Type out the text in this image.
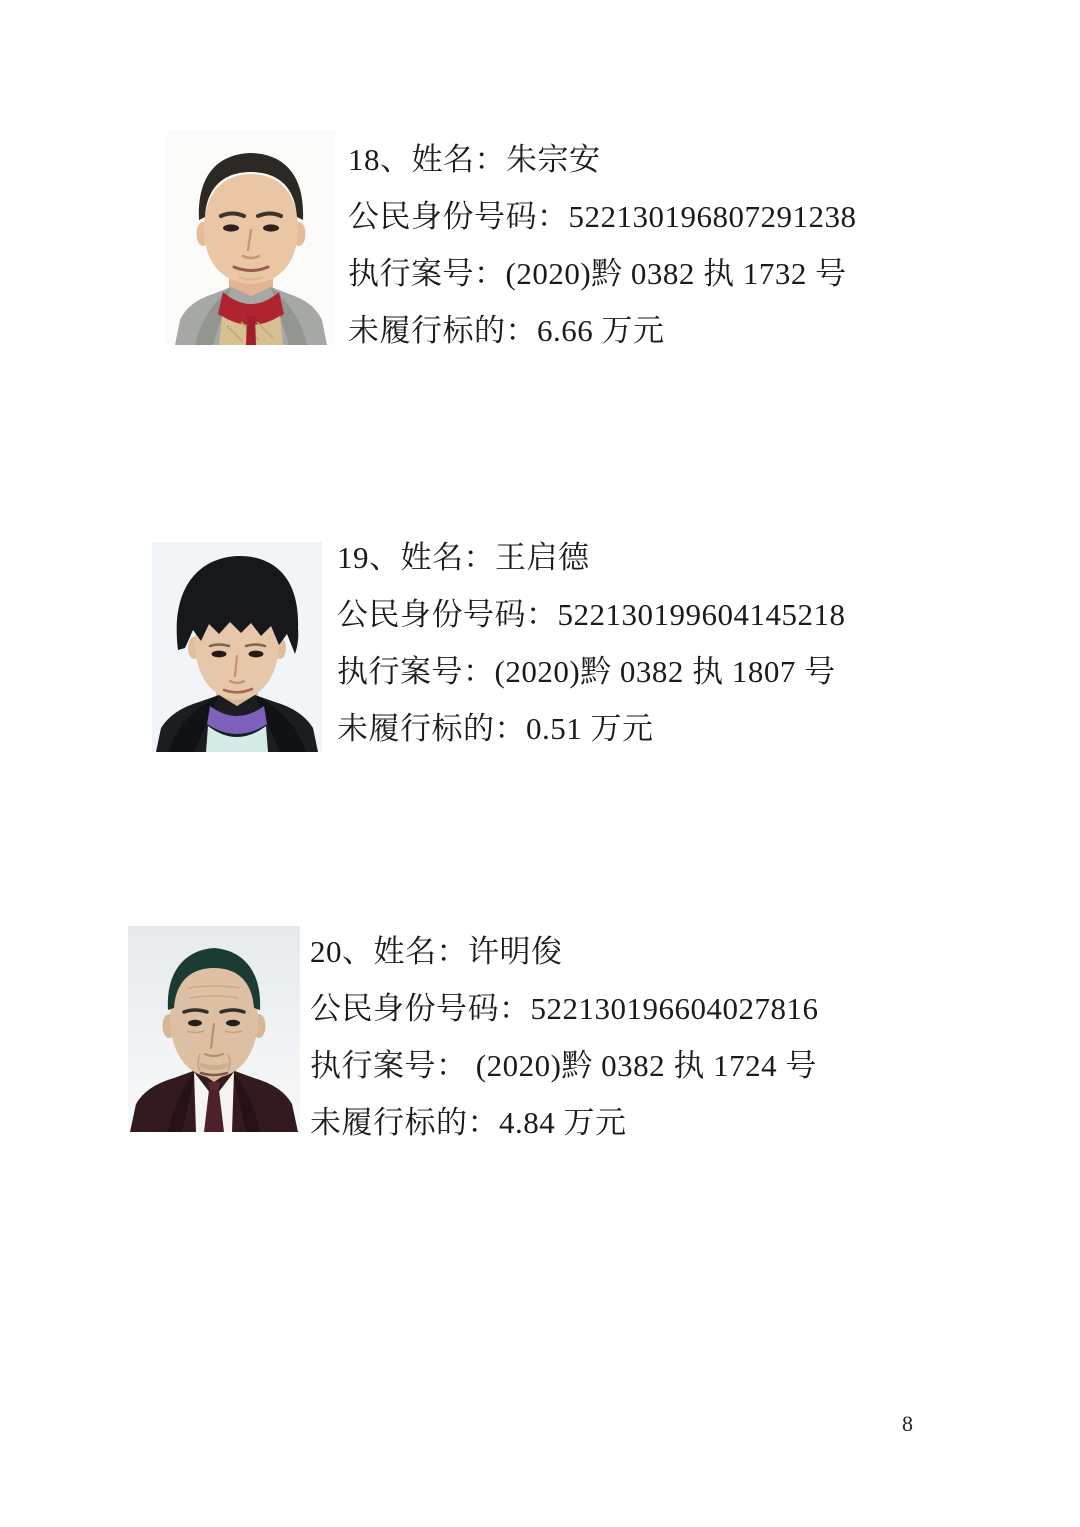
18、姓名：朱宗安

公民身份号码：522130196807291238

执行案号：(2020)黔 0382 执 1732 号

未履行标的：6.66 万元

19、姓名：王启德

公民身份号码：522130199604145218

执行案号：(2020)黔 0382 执 1807 号

未履行标的：0.51 万元

20、姓名：许明俊

公民身份号码：522130196604027816

执行案号： (2020)黔 0382 执 1724 号

未履行标的：4.84 万元

8
